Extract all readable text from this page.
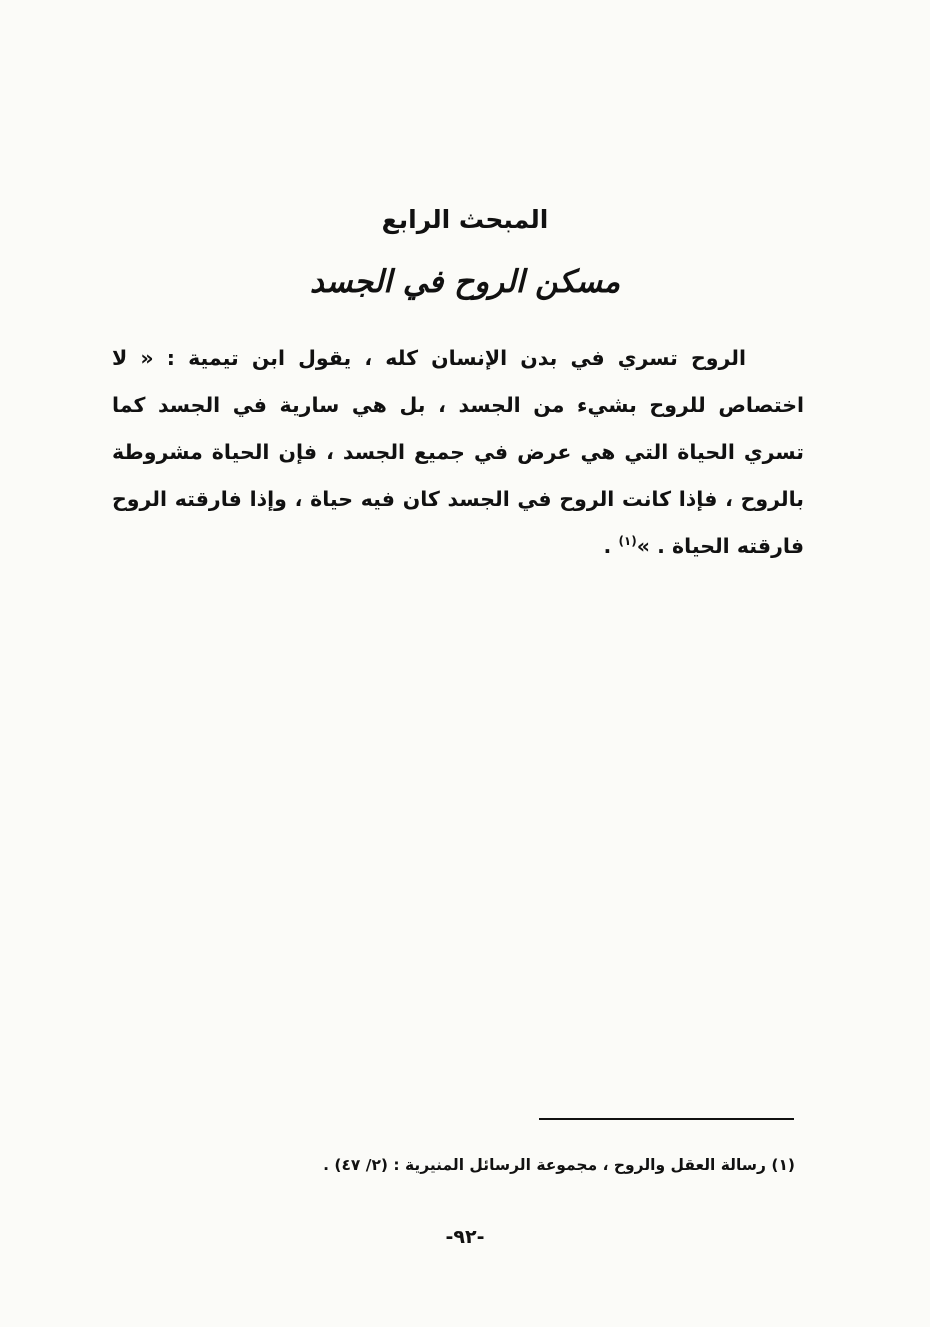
المبحث الرابع
مسكن الروح في الجسد

الروح تسري في بدن الإنسان كله ، يقول ابن تيمية : « لا اختصاص للروح بشيء من الجسد ، بل هي سارية في الجسد كما تسري الحياة التي هي عرض في جميع الجسد ، فإن الحياة مشروطة بالروح ، فإذا كانت الروح في الجسد كان فيه حياة ، وإذا فارقته الروح فارقته الحياة . »$^{(١)}$ .

(١) رسالة العقل والروح ، مجموعة الرسائل المنيرية : (٢/ ٤٧) .
-٩٢-
